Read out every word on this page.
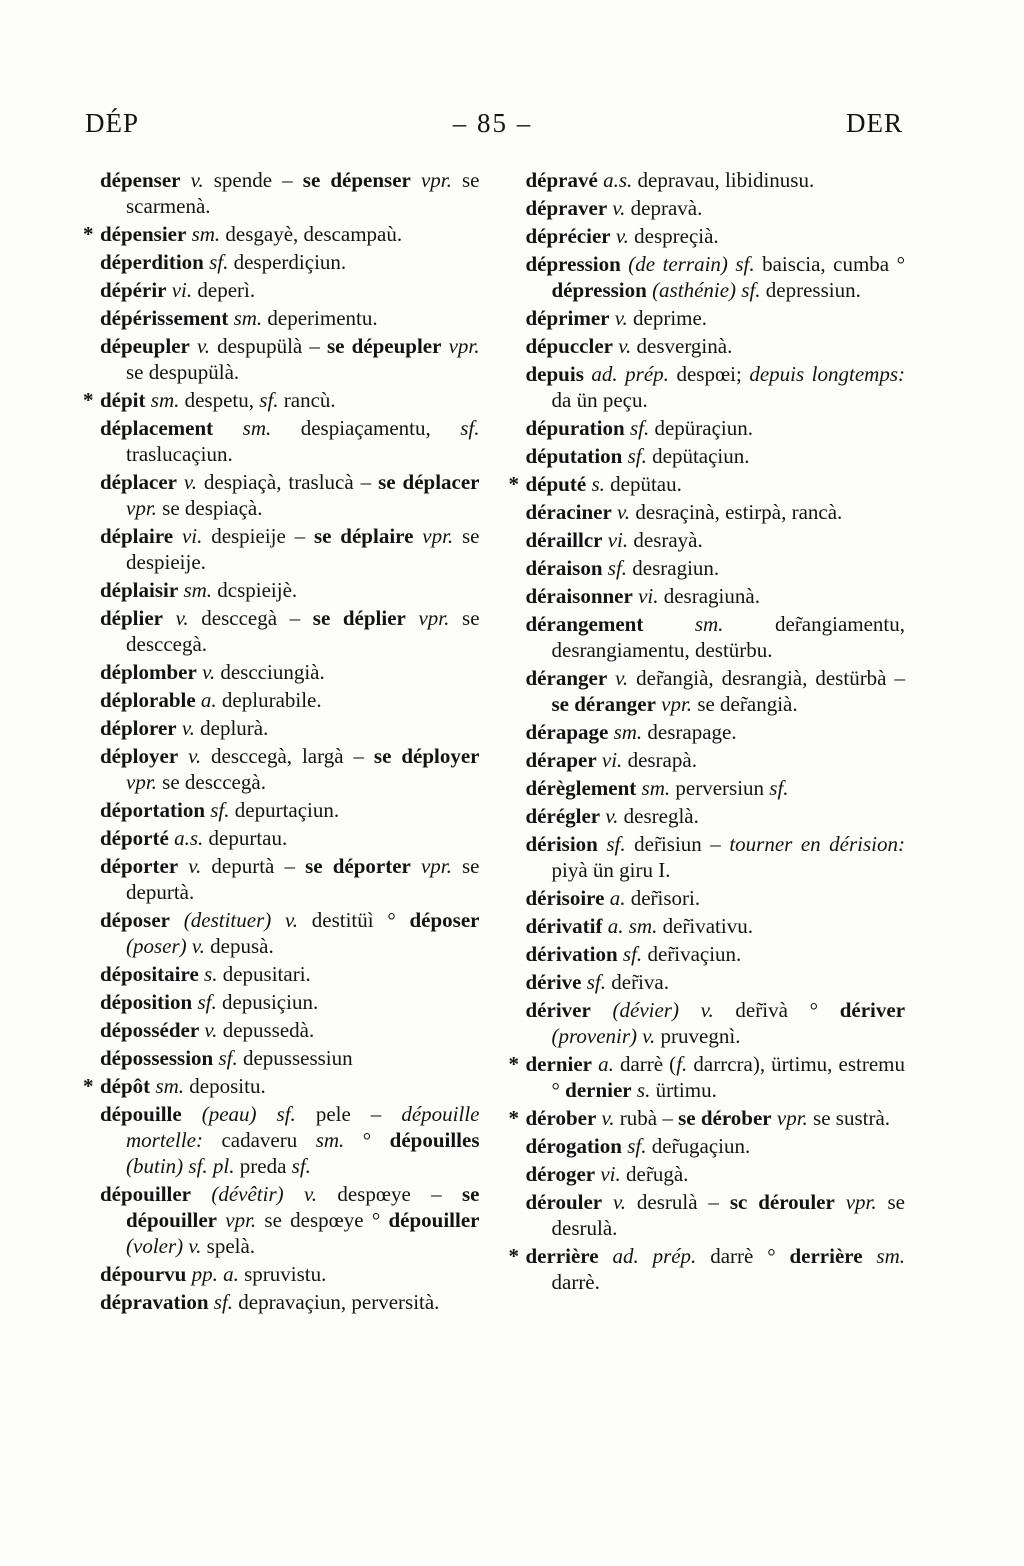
DÉP	– 85 –	DER

dépenser v. spende – se dépenser vpr. se scarmenà.

* dépensier sm. desgayè, descampaù.

déperdition sf. desperdiçiun.

dépérir vi. deperì.

dépérissement sm. deperimentu.

dépeupler v. despupülà – se dépeupler vpr. se despupülà.

* dépit sm. despetu, sf. rancù.

déplacement sm. despiaçamentu, sf. traslucaçiun.

déplacer v. despiaçà, traslucà – se déplacer vpr. se despiaçà.

déplaire vi. despieije – se déplaire vpr. se despieije.

déplaisir sm. dcspieijè.

déplier v. desccegà – se déplier vpr. se desccegà.

déplomber v. descciungià.

déplorable a. deplurabile.

déplorer v. deplurà.

déployer v. desccegà, largà – se déployer vpr. se desccegà.

déportation sf. depurtaçiun.

déporté a.s. depurtau.

déporter v. depurtà – se déporter vpr. se depurtà.

déposer (destituer) v. destitüì ° déposer (poser) v. depusà.

dépositaire s. depusitari.

déposition sf. depusiçiun.

déposséder v. depussedà.

dépossession sf. depussessiun

* dépôt sm. depositu.

dépouille (peau) sf. pele – dépouille mortelle: cadaveru sm. ° dépouilles (butin) sf. pl. preda sf.

dépouiller (dévêtir) v. despœye – se dépouiller vpr. se despœye ° dépouiller (voler) v. spelà.

dépourvu pp. a. spruvistu.

dépravation sf. depravaçiun, perversità.

dépravé a.s. depravau, libidinusu.

dépraver v. depravà.

déprécier v. despreçià.

dépression (de terrain) sf. baiscia, cumba ° dépression (asthénie) sf. depressiun.

déprimer v. deprime.

dépuccler v. desverginà.

depuis ad. prép. despœi; depuis longtemps: da ün peçu.

dépuration sf. depüraçiun.

députation sf. depütaçiun.

* député s. depütau.

déraciner v. desraçinà, estirpà, rancà.

déraillcr vi. desrayà.

déraison sf. desragiun.

déraisonner vi. desragiunà.

dérangement sm. der̃angiamentu, desrangiamentu, destürbu.

déranger v. der̃angià, desrangià, destürbà – se déranger vpr. se der̃angià.

dérapage sm. desrapage.

déraper vi. desrapà.

dérèglement sm. perversiun sf.

dérégler v. desreglà.

dérision sf. der̃isiun – tourner en dérision: piyà ün giru I.

dérisoire a. der̃isori.

dérivatif a. sm. der̃ivativu.

dérivation sf. der̃ivaçiun.

dérive sf. der̃iva.

dériver (dévier) v. der̃ivà ° dériver (provenir) v. pruvegnì.

* dernier a. darrè (f. darrcra), ürtimu, estremu ° dernier s. ürtimu.

* dérober v. rubà – se dérober vpr. se sustrà.

dérogation sf. der̃ugaçiun.

déroger vi. der̃ugà.

dérouler v. desrulà – sc dérouler vpr. se desrulà.

* derrière ad. prép. darrè ° derrière sm. darrè.
